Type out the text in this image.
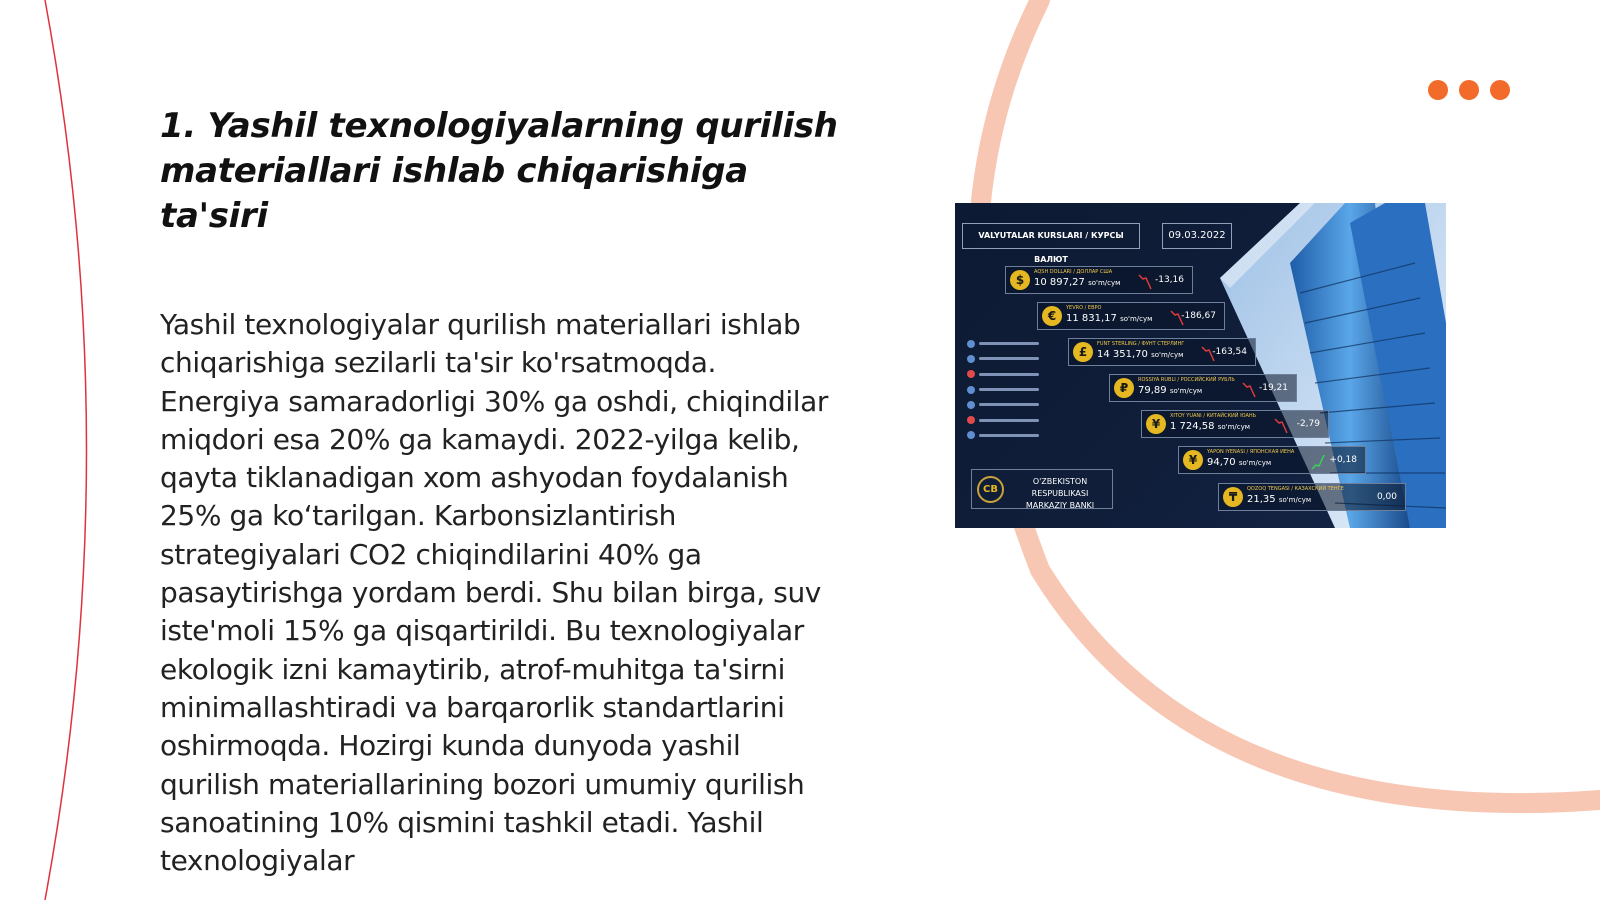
1. Yashil texnologiyalarning qurilish materiallari ishlab chiqarishiga ta'siri

Yashil texnologiyalar qurilish materiallari ishlab chiqarishiga sezilarli ta'sir ko'rsatmoqda. Energiya samaradorligi 30% ga oshdi, chiqindilar miqdori esa 20% ga kamaydi. 2022-yilga kelib, qayta tiklanadigan xom ashyodan foydalanish 25% ga ko‘tarilgan. Karbonsizlantirish strategiyalari CO2 chiqindilarini 40% ga pasaytirishga yordam berdi. Shu bilan birga, suv iste'moli 15% ga qisqartirildi. Bu texnologiyalar ekologik izni kamaytirib, atrof-muhitga ta'sirni minimallashtiradi va barqarorlik standartlarini oshirmoqda. Hozirgi kunda dunyoda yashil qurilish materiallarining bozori umumiy qurilish sanoatining 10% qismini tashkil etadi. Yashil texnologiyalar

VALYUTALAR KURSLARI / КУРСЫ ВАЛЮТ
09.03.2022
$
AQSH DOLLARI / ДОЛЛАР США
10 897,27 so'm/сум	-13,16
€
YEVRO / ЕВРО
11 831,17 so'm/сум	-186,67
£
FUNT STERLING / ФУНТ СТЕРЛИНГ
14 351,70 so'm/сум	-163,54
₽
ROSSIYA RUBLI / РОССИЙСКИЙ РУБЛЬ
79,89 so'm/сум	-19,21
¥
XITOY YUANI / КИТАЙСКИЙ ЮАНЬ
1 724,58 so'm/сум	-2,79
¥
YAPON IYENASI / ЯПОНСКАЯ ИЕНА
94,70 so'm/сум	+0,18
₸
QOZOQ TENGASI / КАЗАХСКИЙ ТЕНГЕ
21,35 so'm/сум	0,00
CB
O'ZBEKISTON RESPUBLIKASI MARKAZIY BANKI
